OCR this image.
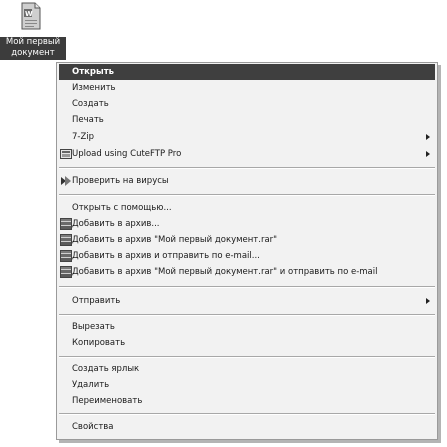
W
Мой первый
документ
Открыть
Изменить
Создать
Печать
7-Zip
Upload using CuteFTP Pro
Проверить на вирусы
Открыть с помощью...
Добавить в архив...
Добавить в архив "Мой первый документ.rar"
Добавить в архив и отправить по e-mail...
Добавить в архив "Мой первый документ.rar" и отправить по e-mail
Отправить
Вырезать
Копировать
Создать ярлык
Удалить
Переименовать
Свойства
